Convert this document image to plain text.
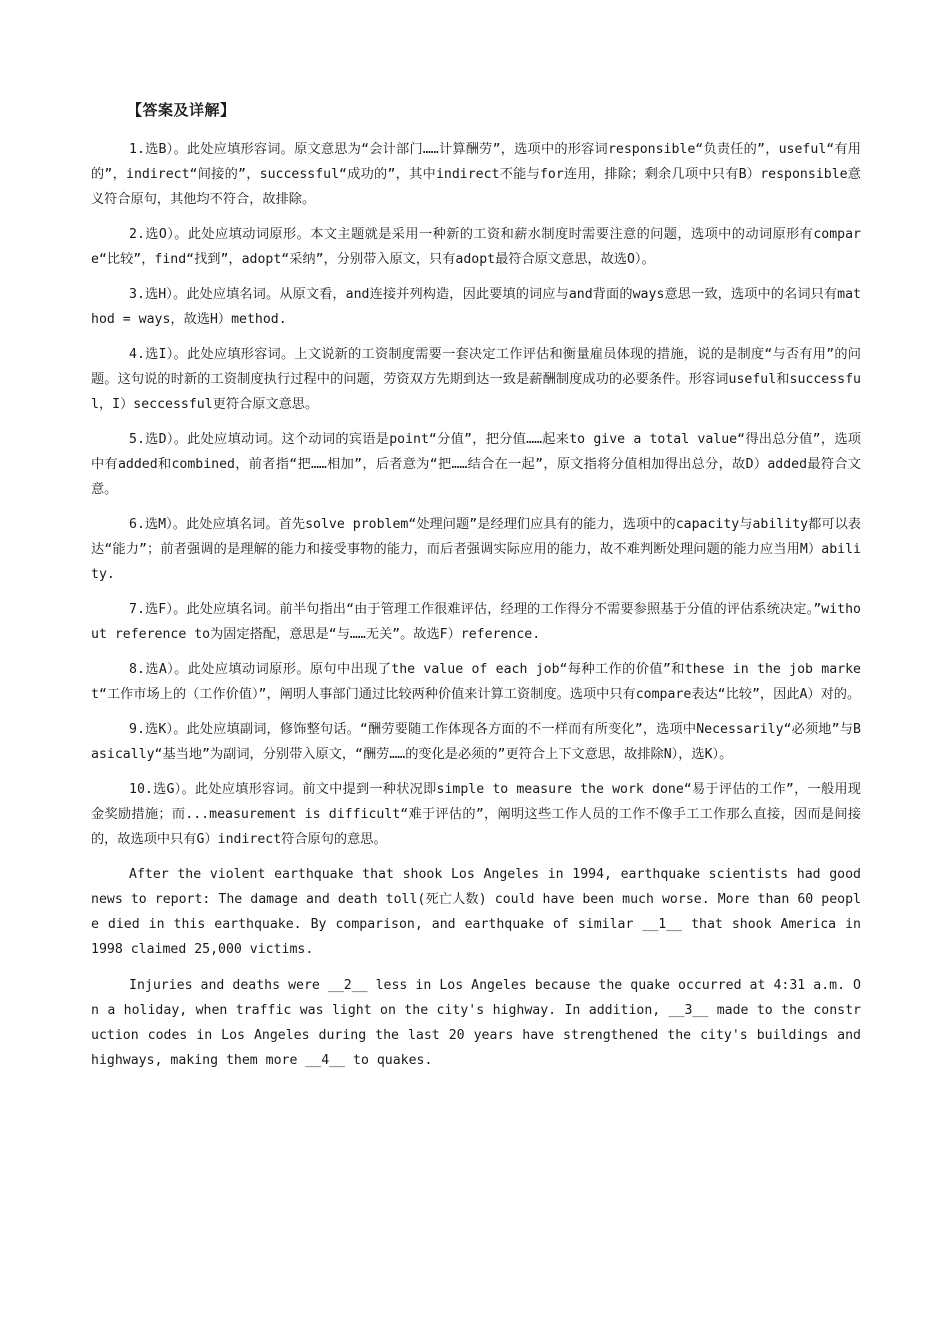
【答案及详解】

1.选B）。此处应填形容词。原文意思为“会计部门……计算酬劳”，选项中的形容词responsible“负责任的”，useful“有用的”，indirect“间接的”，successful“成功的”，其中indirect不能与for连用，排除；剩余几项中只有B）responsible意义符合原句，其他均不符合，故排除。

2.选O）。此处应填动词原形。本文主题就是采用一种新的工资和薪水制度时需要注意的问题，选项中的动词原形有compare“比较”，find“找到”，adopt“采纳”，分别带入原文，只有adopt最符合原文意思，故选O）。

3.选H）。此处应填名词。从原文看，and连接并列构造，因此要填的词应与and背面的ways意思一致，选项中的名词只有mathod = ways，故选H）method.

4.选I）。此处应填形容词。上文说新的工资制度需要一套决定工作评估和衡量雇员体现的措施，说的是制度“与否有用”的问题。这句说的时新的工资制度执行过程中的问题，劳资双方先期到达一致是薪酬制度成功的必要条件。形容词useful和successful，I）seccessful更符合原文意思。

5.选D）。此处应填动词。这个动词的宾语是point“分值”，把分值……起来to give a total value“得出总分值”，选项中有added和combined，前者指“把……相加”，后者意为“把……结合在一起”，原文指将分值相加得出总分，故D）added最符合文意。

6.选M）。此处应填名词。首先solve problem“处理问题”是经理们应具有的能力，选项中的capacity与ability都可以表达“能力”；前者强调的是理解的能力和接受事物的能力，而后者强调实际应用的能力，故不难判断处理问题的能力应当用M）ability.

7.选F）。此处应填名词。前半句指出“由于管理工作很难评估，经理的工作得分不需要参照基于分值的评估系统决定。”without reference to为固定搭配，意思是“与……无关”。故选F）reference.

8.选A）。此处应填动词原形。原句中出现了the value of each job“每种工作的价值”和these in the job market“工作市场上的（工作价值）”，阐明人事部门通过比较两种价值来计算工资制度。选项中只有compare表达“比较”，因此A）对的。

9.选K）。此处应填副词，修饰整句话。“酬劳要随工作体现各方面的不一样而有所变化”，选项中Necessarily“必须地”与Basically“基当地”为副词，分别带入原文，“酬劳……的变化是必须的”更符合上下文意思，故排除N），选K）。

10.选G）。此处应填形容词。前文中提到一种状况即simple to measure the work done“易于评估的工作”，一般用现金奖励措施；而...measurement is difficult“难于评估的”，阐明这些工作人员的工作不像手工工作那么直接，因而是间接的，故选项中只有G）indirect符合原句的意思。

After the violent earthquake that shook Los Angeles in 1994, earthquake scientists had good news to report: The damage and death toll(死亡人数) could have been much worse. More than 60 people died in this earthquake. By comparison, and earthquake of similar __1__ that shook America in 1998 claimed 25,000 victims.

Injuries and deaths were __2__ less in Los Angeles because the quake occurred at 4:31 a.m. On a holiday, when traffic was light on the city's highway. In addition, __3__ made to the construction codes in Los Angeles during the last 20 years have strengthened the city's buildings and highways, making them more __4__ to quakes.
